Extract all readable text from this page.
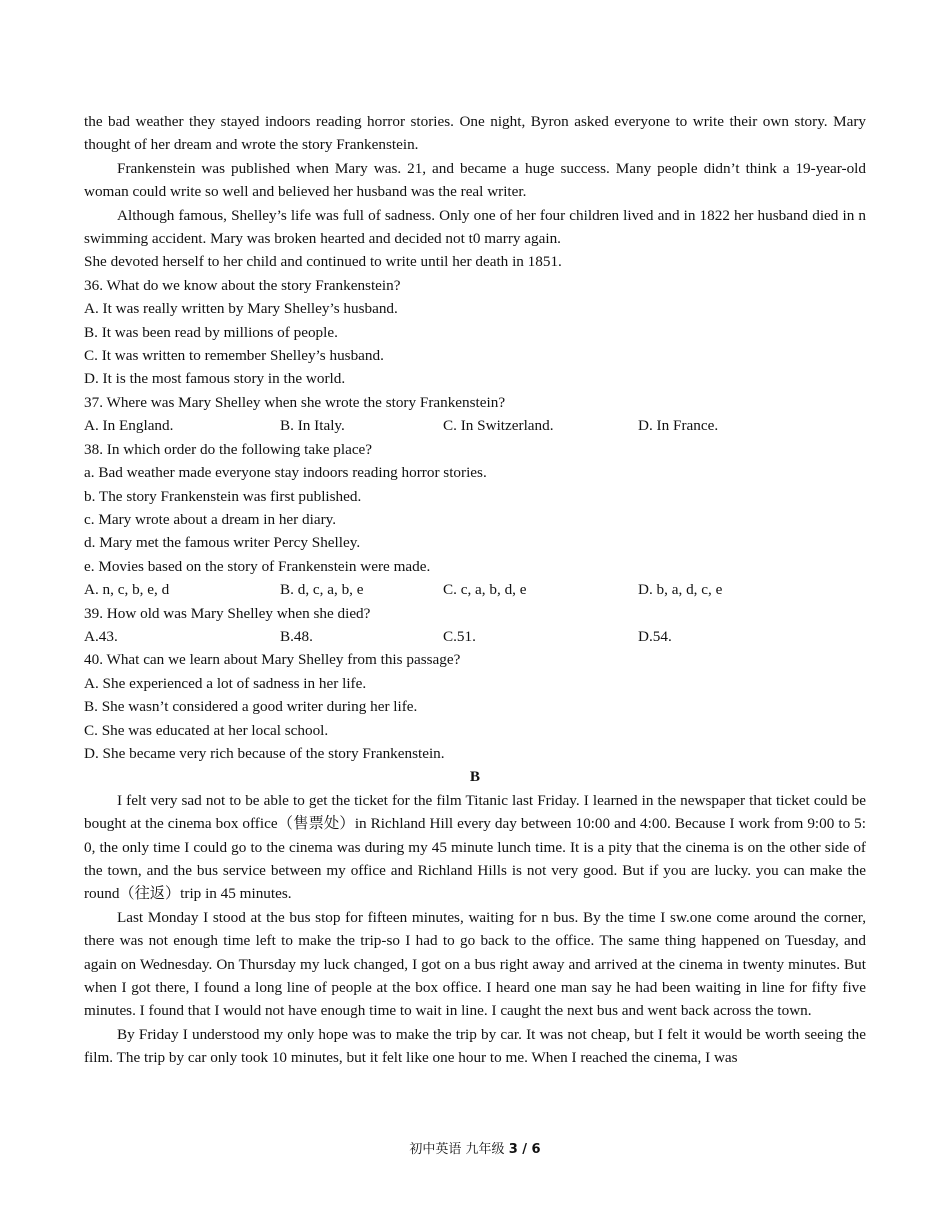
the bad weather they stayed indoors reading horror stories. One night, Byron asked everyone to write their own story. Mary thought of her dream and wrote the story Frankenstein.

Frankenstein was published when Mary was. 21, and became a huge success. Many people didn’t think a 19-year-old woman could write so well and believed her husband was the real writer.

Although famous, Shelley’s life was full of sadness. Only one of her four children lived and in 1822 her husband died in n swimming accident. Mary was broken hearted and decided not t0 marry again.

She devoted herself to her child and continued to write until her death in 1851.

36. What do we know about the story Frankenstein?

A. It was really written by Mary Shelley’s husband.

B. It was been read by millions of people.

C. It was written to remember Shelley’s husband.

D. It is the most famous story in the world.

37. Where was Mary Shelley when she wrote the story Frankenstein?

A. In England.	B. In Italy.	C. In Switzerland.	D. In France.

38. In which order do the following take place?

a. Bad weather made everyone stay indoors reading horror stories.

b. The story Frankenstein was first published.

c. Mary wrote about a dream in her diary.

d. Mary met the famous writer Percy Shelley.

e. Movies based on the story of Frankenstein were made.

A. n, c, b, e, d	B. d, c, a, b, e	C. c, a, b, d, e	D. b, a, d, c, e

39. How old was Mary Shelley when she died?

A.43.	B.48.	C.51.	D.54.

40. What can we learn about Mary Shelley from this passage?

A. She experienced a lot of sadness in her life.

B. She wasn’t considered a good writer during her life.

C. She was educated at her local school.

D. She became very rich because of the story Frankenstein.

B

I felt very sad not to be able to get the ticket for the film Titanic last Friday. I learned in the newspaper that ticket could be bought at the cinema box office（售票处）in Richland Hill every day between 10:00 and 4:00. Because I work from 9:00 to 5: 0, the only time I could go to the cinema was during my 45 minute lunch time. It is a pity that the cinema is on the other side of the town, and the bus service between my office and Richland Hills is not very good. But if you are lucky. you can make the round（往返）trip in 45 minutes.

Last Monday I stood at the bus stop for fifteen minutes, waiting for n bus. By the time I sw.one come around the corner, there was not enough time left to make the trip-so I had to go back to the office. The same thing happened on Tuesday, and again on Wednesday. On Thursday my luck changed, I got on a bus right away and arrived at the cinema in twenty minutes. But when I got there, I found a long line of people at the box office. I heard one man say he had been waiting in line for fifty five minutes. I found that I would not have enough time to wait in line. I caught the next bus and went back across the town.

By Friday I understood my only hope was to make the trip by car. It was not cheap, but I felt it would be worth seeing the film. The trip by car only took 10 minutes, but it felt like one hour to me. When I reached the cinema, I was

初中英语 九年级 3 / 6
